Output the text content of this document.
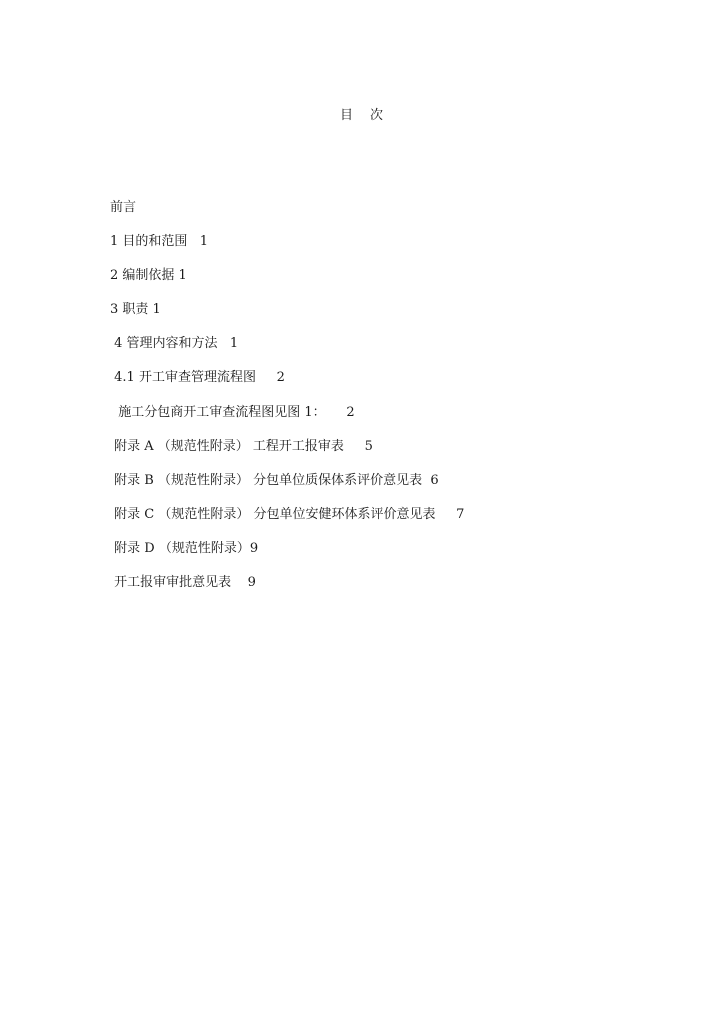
目 次
前言
1 目的和范围   1
2 编制依据 1
3 职责 1
4 管理内容和方法   1
4.1 开工审查管理流程图     2
施工分包商开工审查流程图见图 1：     2
附录 A （规范性附录） 工程开工报审表     5
附录 B （规范性附录） 分包单位质保体系评价意见表  6
附录 C （规范性附录） 分包单位安健环体系评价意见表     7
附录 D （规范性附录）9
开工报审审批意见表    9
